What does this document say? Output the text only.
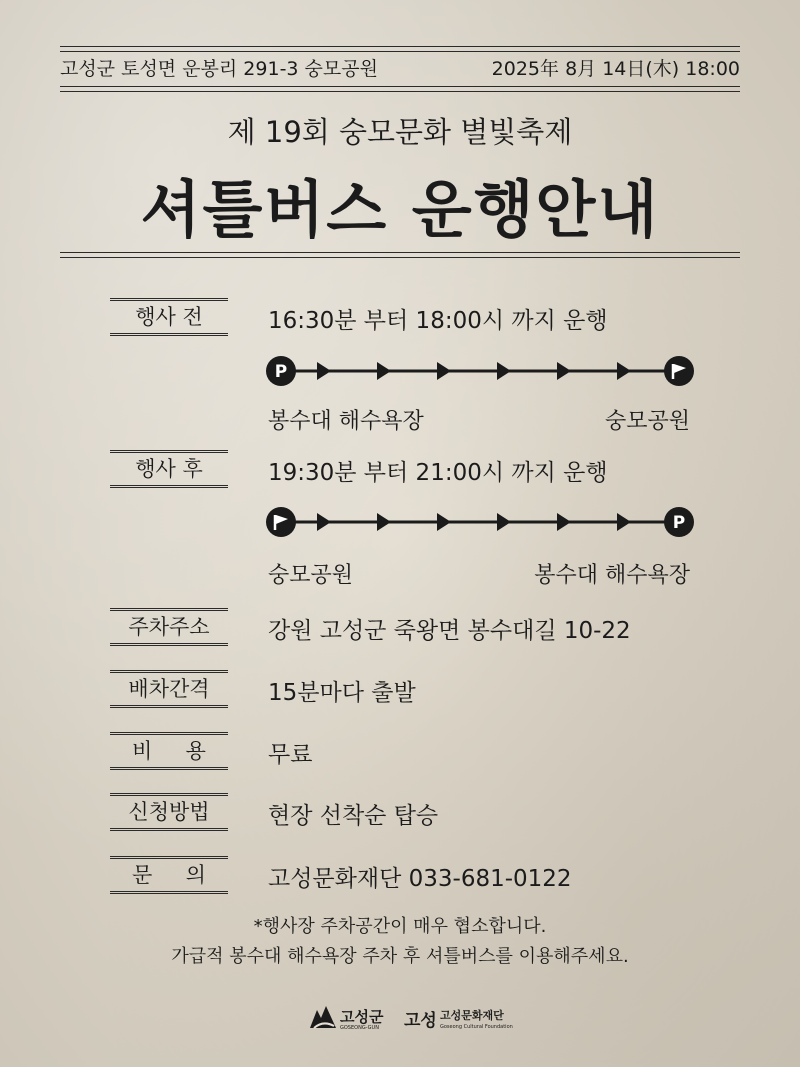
고성군 토성면 운봉리 291-3 숭모공원	2025年 8月 14日(木) 18:00
제 19회 숭모문화 별빛축제
셔틀버스 운행안내
행사 전	16:30분 부터 18:00시 까지 운행
P
봉수대 해수욕장	숭모공원
행사 후	19:30분 부터 21:00시 까지 운행
P
숭모공원	봉수대 해수욕장
주차주소	강원 고성군 죽왕면 봉수대길 10-22
배차간격	15분마다 출발
비     용	무료
신청방법	현장 선착순 탑승
문     의	고성문화재단 033-681-0122
*행사장 주차공간이 매우 협소합니다.
가급적 봉수대 해수욕장 주차 후 셔틀버스를 이용해주세요.
고성군
GOSEONG-GUN 고성 고성문화재단
Goseong Cultural Foundation
